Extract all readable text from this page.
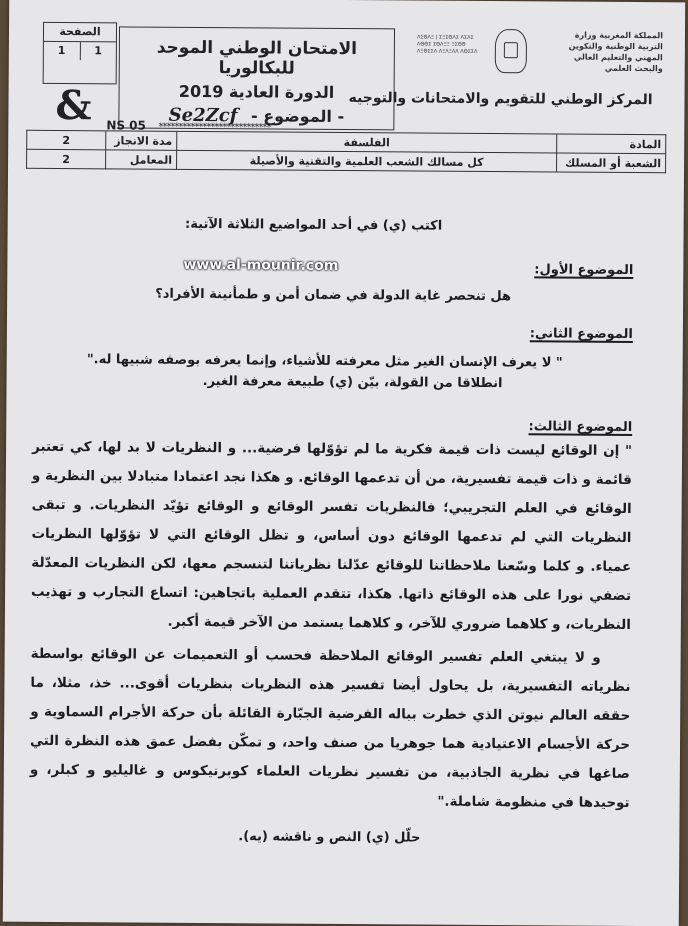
الصفحة
1	1
&
الامتحان الوطني الموحد للبكالوريا
الدورة العادية 2019
- الموضوع - Se2Zcf
ΛΣΘΛΞ | ΣΞΣΘΛΣ ΛΣΛΣ ΛΘΘΣ ΣΘΛΞΞ ΞΣΘΘ ΛΞΘΣΣΛ ΛΞΛΞΛΛ ΛΘΣΣΛ
المملكة المغربية وزارة التربية الوطنية والتكوين المهني والتعليم العالي والبحث العلمي
المركز الوطني للتقويم والامتحانات والتوجيه
NS 05 ****************************
المادة	الفلسفة	مدة الانجاز	2
الشعبة أو المسلك	كل مسالك الشعب العلمية والتقنية والأصيلة	المعامل	2
www.al-mounir.com
اكتب (ي) في أحد المواضيع الثلاثة الآتية:
الموضوع الأول:
هل تنحصر غاية الدولة في ضمان أمن و طمأنينة الأفراد؟
الموضوع الثاني:
" لا يعرف الإنسان الغير مثل معرفته للأشياء، وإنما يعرفه بوصفه شبيها له."
انطلاقا من القولة، بيّن (ي) طبيعة معرفة الغير.
الموضوع الثالث:
" إن الوقائع ليست ذات قيمة فكرية ما لم تؤوّلها فرضية... و النظريات لا بد لها، كي تعتبر قائمة و ذات قيمة تفسيرية، من أن تدعمها الوقائع. و هكذا نجد اعتمادا متبادلا بين النظرية و الوقائع في العلم التجريبي؛ فالنظريات تفسر الوقائع و الوقائع تؤيّد النظريات. و تبقى النظريات التي لم تدعمها الوقائع دون أساس، و تظل الوقائع التي لا تؤوّلها النظريات عمياء. و كلما وسّعنا ملاحظاتنا للوقائع عدّلنا نظرياتنا لتنسجم معها، لكن النظريات المعدّلة تضفي نورا على هذه الوقائع ذاتها. هكذا، تتقدم العملية باتجاهين: اتساع التجارب و تهذيب النظريات، و كلاهما ضروري للآخر، و كلاهما يستمد من الآخر قيمة أكبر.
و لا يبتغي العلم تفسير الوقائع الملاحظة فحسب أو التعميمات عن الوقائع بواسطة نظرياته التفسيرية، بل يحاول أيضا تفسير هذه النظريات بنظريات أقوى... خذ، مثلا، ما حققه العالم نيوتن الذي خطرت بباله الفرضية الجبّارة القائلة بأن حركة الأجرام السماوية و حركة الأجسام الاعتيادية هما جوهريا من صنف واحد، و تمكّن بفضل عمق هذه النظرة التي صاغها في نظرية الجاذبية، من تفسير نظريات العلماء كوبرنيكوس و غاليليو و كبلر، و توحيدها في منظومة شاملة."
حلّل (ي) النص و ناقشه (يه).
